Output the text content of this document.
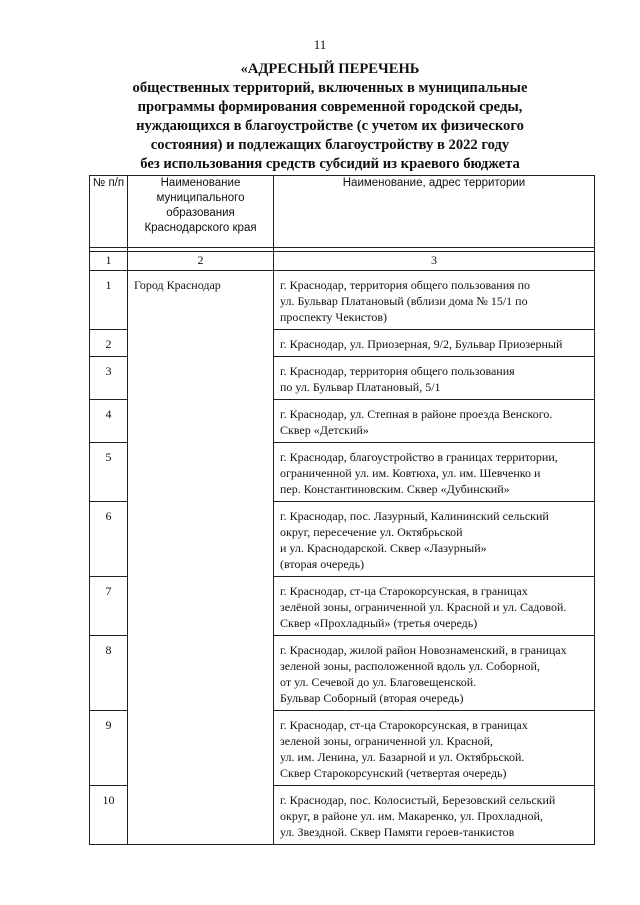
11
«АДРЕСНЫЙ ПЕРЕЧЕНЬ
общественных территорий, включенных в муниципальные
программы формирования современной городской среды,
нуждающихся в благоустройстве (с учетом их физического
состояния) и подлежащих благоустройству в 2022 году
без использования средств субсидий из краевого бюджета
№ п/п	Наименование муниципального образования Краснодарского края	Наименование, адрес территории

1	2	3
1	Город Краснодар	г. Краснодар, территория общего пользования по
ул. Бульвар Платановый (вблизи дома № 15/1 по
проспекту Чекистов)

2		г. Краснодар, ул. Приозерная, 9/2, Бульвар Приозерный

3		г. Краснодар, территория общего пользования
по ул. Бульвар Платановый, 5/1

4		г. Краснодар, ул. Степная в районе проезда Венского.
Сквер «Детский»

5		г. Краснодар, благоустройство в границах территории,
ограниченной ул. им. Ковтюха, ул. им. Шевченко и
пер. Константиновским. Сквер «Дубинский»

6		г. Краснодар, пос. Лазурный, Калининский сельский
округ, пересечение ул. Октябрьской
и ул. Краснодарской. Сквер «Лазурный»
(вторая очередь)

7		г. Краснодар, ст-ца Старокорсунская, в границах
зелёной зоны, ограниченной ул. Красной и ул. Садовой.
Сквер «Прохладный» (третья очередь)

8		г. Краснодар, жилой район Новознаменский, в границах
зеленой зоны, расположенной вдоль ул. Соборной,
от ул. Сечевой до ул. Благовещенской.
Бульвар Соборный (вторая очередь)

9		г. Краснодар, ст-ца Старокорсунская, в границах
зеленой зоны, ограниченной ул. Красной,
ул. им. Ленина, ул. Базарной и ул. Октябрьской.
Сквер Старокорсунский (четвертая очередь)

10		г. Краснодар, пос. Колосистый, Березовский сельский
округ, в районе ул. им. Макаренко, ул. Прохладной,
ул. Звездной. Сквер Памяти героев-танкистов
